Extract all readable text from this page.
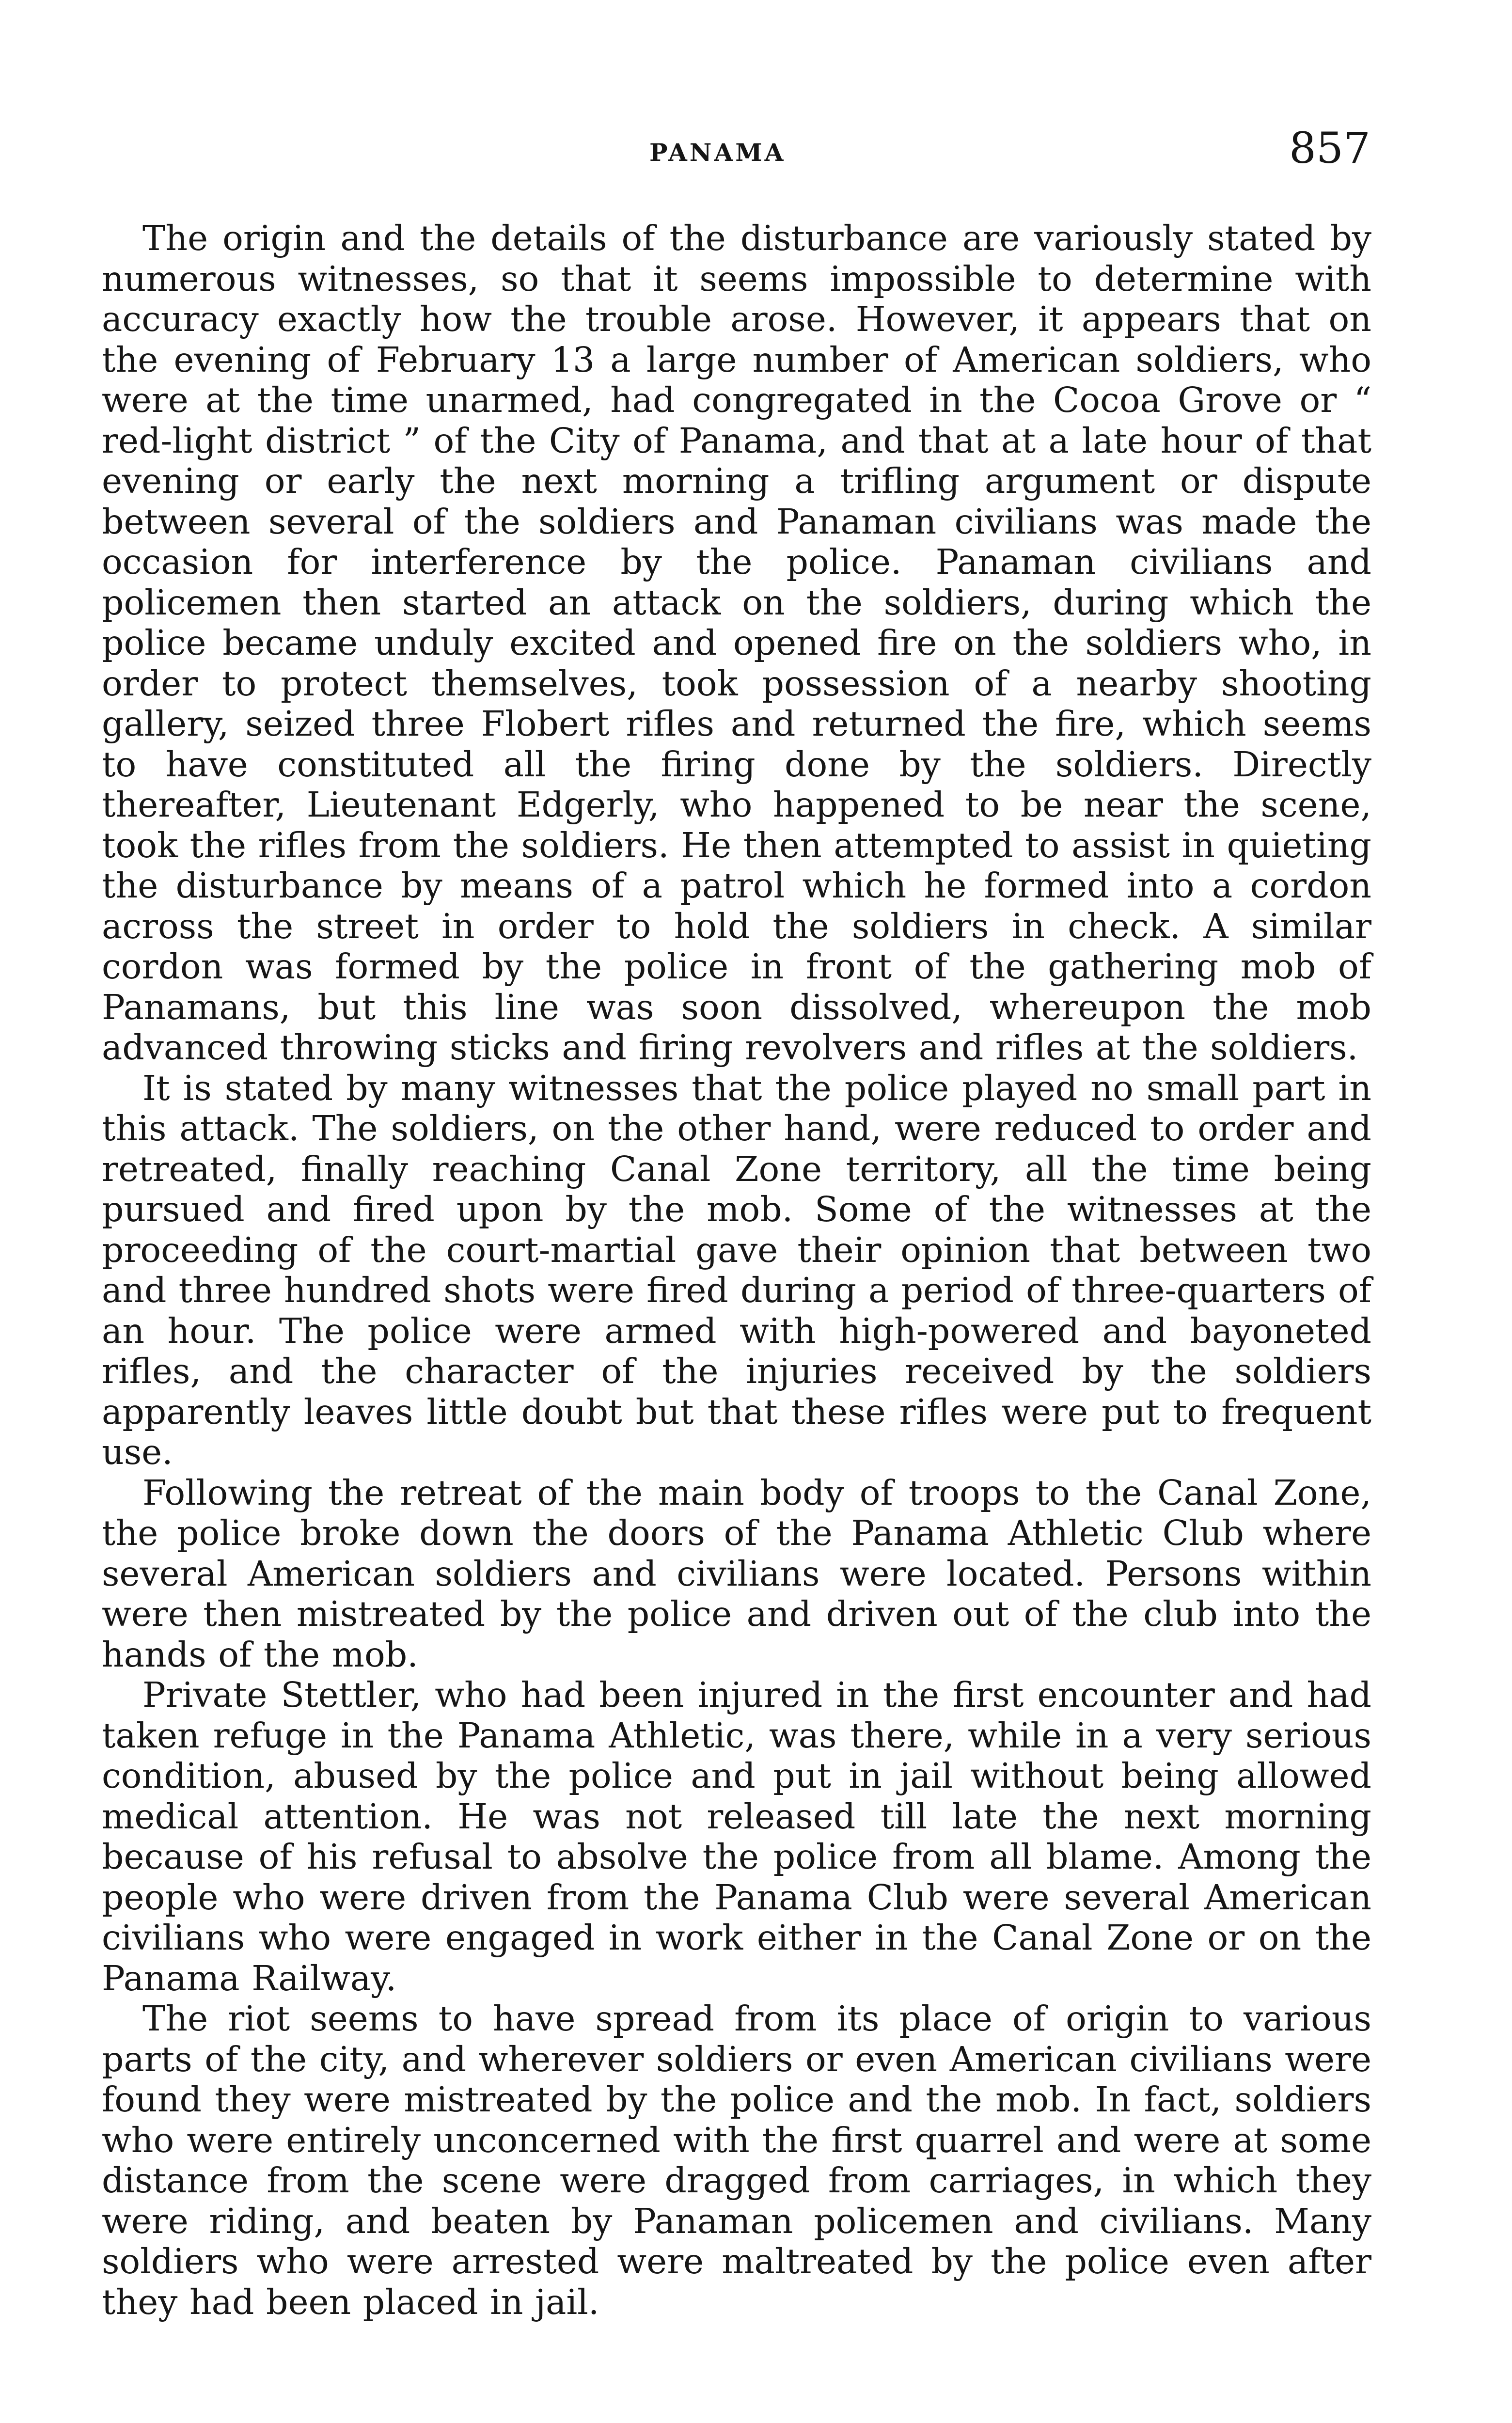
PANAMA	857

The origin and the details of the disturbance are variously stated by numerous witnesses, so that it seems impossible to determine with accuracy exactly how the trouble arose. However, it appears that on the evening of February 13 a large number of American soldiers, who were at the time unarmed, had congregated in the Cocoa Grove or “ red-light district ” of the City of Panama, and that at a late hour of that evening or early the next morning a trifling argument or dispute between several of the soldiers and Panaman civilians was made the occasion for interference by the police. Panaman civilians and policemen then started an attack on the soldiers, during which the police became unduly excited and opened fire on the soldiers who, in order to protect themselves, took possession of a nearby shooting gallery, seized three Flobert rifles and returned the fire, which seems to have constituted all the firing done by the soldiers. Directly thereafter, Lieutenant Edgerly, who happened to be near the scene, took the rifles from the soldiers. He then attempted to assist in quieting the disturbance by means of a patrol which he formed into a cordon across the street in order to hold the soldiers in check. A similar cordon was formed by the police in front of the gathering mob of Panamans, but this line was soon dissolved, whereupon the mob advanced throwing sticks and firing revolvers and rifles at the soldiers.

It is stated by many witnesses that the police played no small part in this attack. The soldiers, on the other hand, were reduced to order and retreated, finally reaching Canal Zone territory, all the time being pursued and fired upon by the mob. Some of the witnesses at the proceeding of the court-martial gave their opinion that between two and three hundred shots were fired during a period of three-quarters of an hour. The police were armed with high-powered and bayoneted rifles, and the character of the injuries received by the soldiers apparently leaves little doubt but that these rifles were put to frequent use.

Following the retreat of the main body of troops to the Canal Zone, the police broke down the doors of the Panama Athletic Club where several American soldiers and civilians were located. Persons within were then mistreated by the police and driven out of the club into the hands of the mob.

Private Stettler, who had been injured in the first encounter and had taken refuge in the Panama Athletic, was there, while in a very serious condition, abused by the police and put in jail without being allowed medical attention. He was not released till late the next morning because of his refusal to absolve the police from all blame. Among the people who were driven from the Panama Club were several American civilians who were engaged in work either in the Canal Zone or on the Panama Railway.

The riot seems to have spread from its place of origin to various parts of the city, and wherever soldiers or even American civilians were found they were mistreated by the police and the mob. In fact, soldiers who were entirely unconcerned with the first quarrel and were at some distance from the scene were dragged from carriages, in which they were riding, and beaten by Panaman policemen and civilians. Many soldiers who were arrested were maltreated by the police even after they had been placed in jail.
